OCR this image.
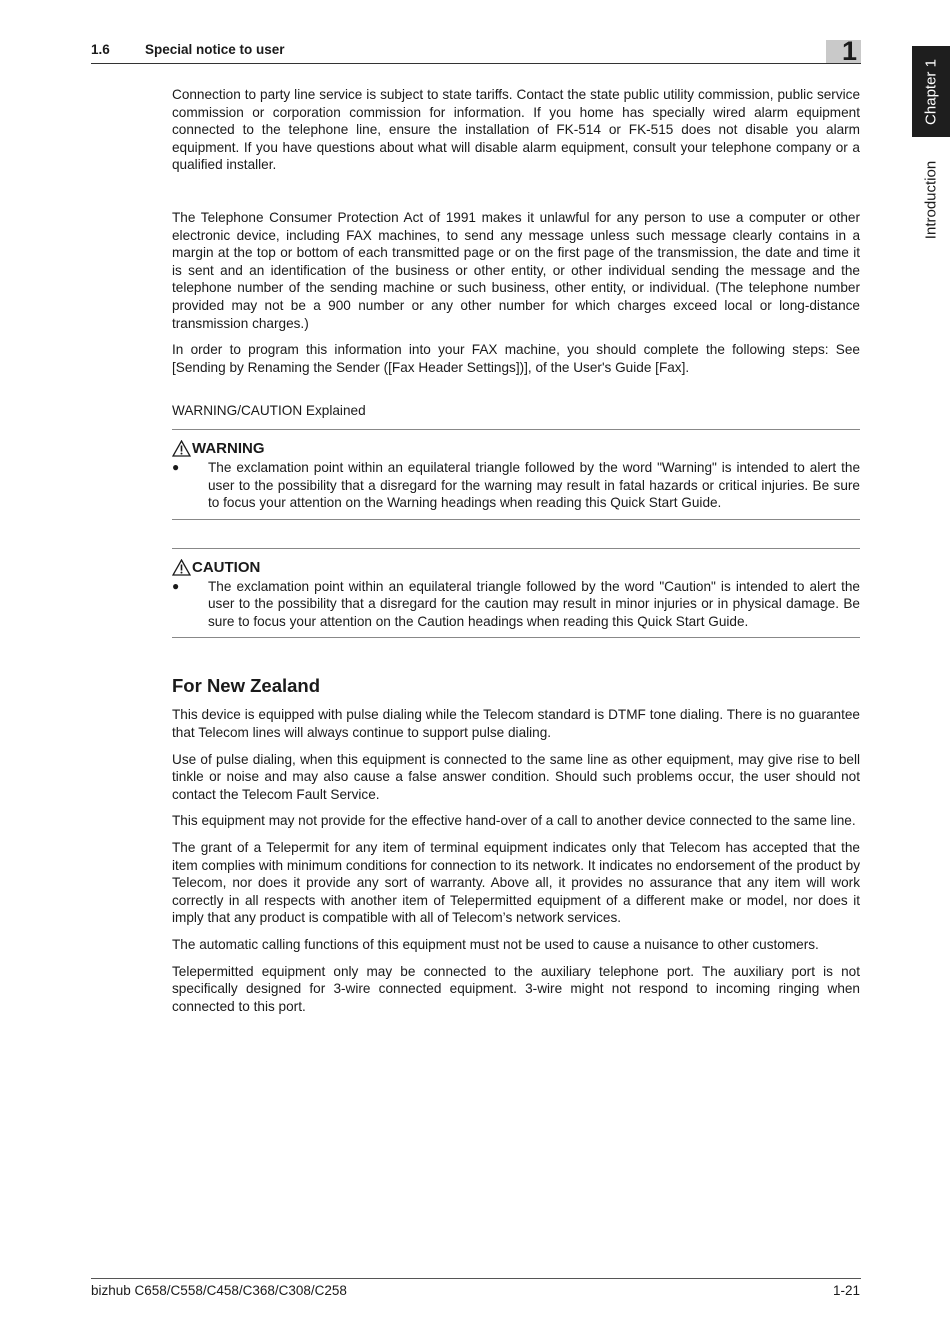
1.6	Special notice to user	1
Chapter 1
Introduction

Connection to party line service is subject to state tariffs. Contact the state public utility commission, public service commission or corporation commission for information. If you home has specially wired alarm equipment connected to the telephone line, ensure the installation of FK-514 or FK-515 does not disable you alarm equipment. If you have questions about what will disable alarm equipment, consult your telephone company or a qualified installer.

The Telephone Consumer Protection Act of 1991 makes it unlawful for any person to use a computer or other electronic device, including FAX machines, to send any message unless such message clearly contains in a margin at the top or bottom of each transmitted page or on the first page of the transmission, the date and time it is sent and an identification of the business or other entity, or other individual sending the message and the telephone number of the sending machine or such business, other entity, or individual. (The telephone number provided may not be a 900 number or any other number for which charges exceed local or long-distance transmission charges.)

In order to program this information into your FAX machine, you should complete the following steps: See [Sending by Renaming the Sender ([Fax Header Settings])], of the User's Guide [Fax].

WARNING/CAUTION Explained

WARNING
●	The exclamation point within an equilateral triangle followed by the word "Warning" is intended to alert the user to the possibility that a disregard for the warning may result in fatal hazards or critical injuries. Be sure to focus your attention on the Warning headings when reading this Quick Start Guide.
CAUTION
●	The exclamation point within an equilateral triangle followed by the word "Caution" is intended to alert the user to the possibility that a disregard for the caution may result in minor injuries or in physical damage. Be sure to focus your attention on the Caution headings when reading this Quick Start Guide.
For New Zealand

This device is equipped with pulse dialing while the Telecom standard is DTMF tone dialing. There is no guarantee that Telecom lines will always continue to support pulse dialing.

Use of pulse dialing, when this equipment is connected to the same line as other equipment, may give rise to bell tinkle or noise and may also cause a false answer condition. Should such problems occur, the user should not contact the Telecom Fault Service.

This equipment may not provide for the effective hand-over of a call to another device connected to the same line.

The grant of a Telepermit for any item of terminal equipment indicates only that Telecom has accepted that the item complies with minimum conditions for connection to its network. It indicates no endorsement of the product by Telecom, nor does it provide any sort of warranty. Above all, it provides no assurance that any item will work correctly in all respects with another item of Telepermitted equipment of a different make or model, nor does it imply that any product is compatible with all of Telecom’s network services.

The automatic calling functions of this equipment must not be used to cause a nuisance to other customers.

Telepermitted equipment only may be connected to the auxiliary telephone port. The auxiliary port is not specifically designed for 3-wire connected equipment. 3-wire might not respond to incoming ringing when connected to this port.

bizhub C658/C558/C458/C368/C308/C258	1-21
